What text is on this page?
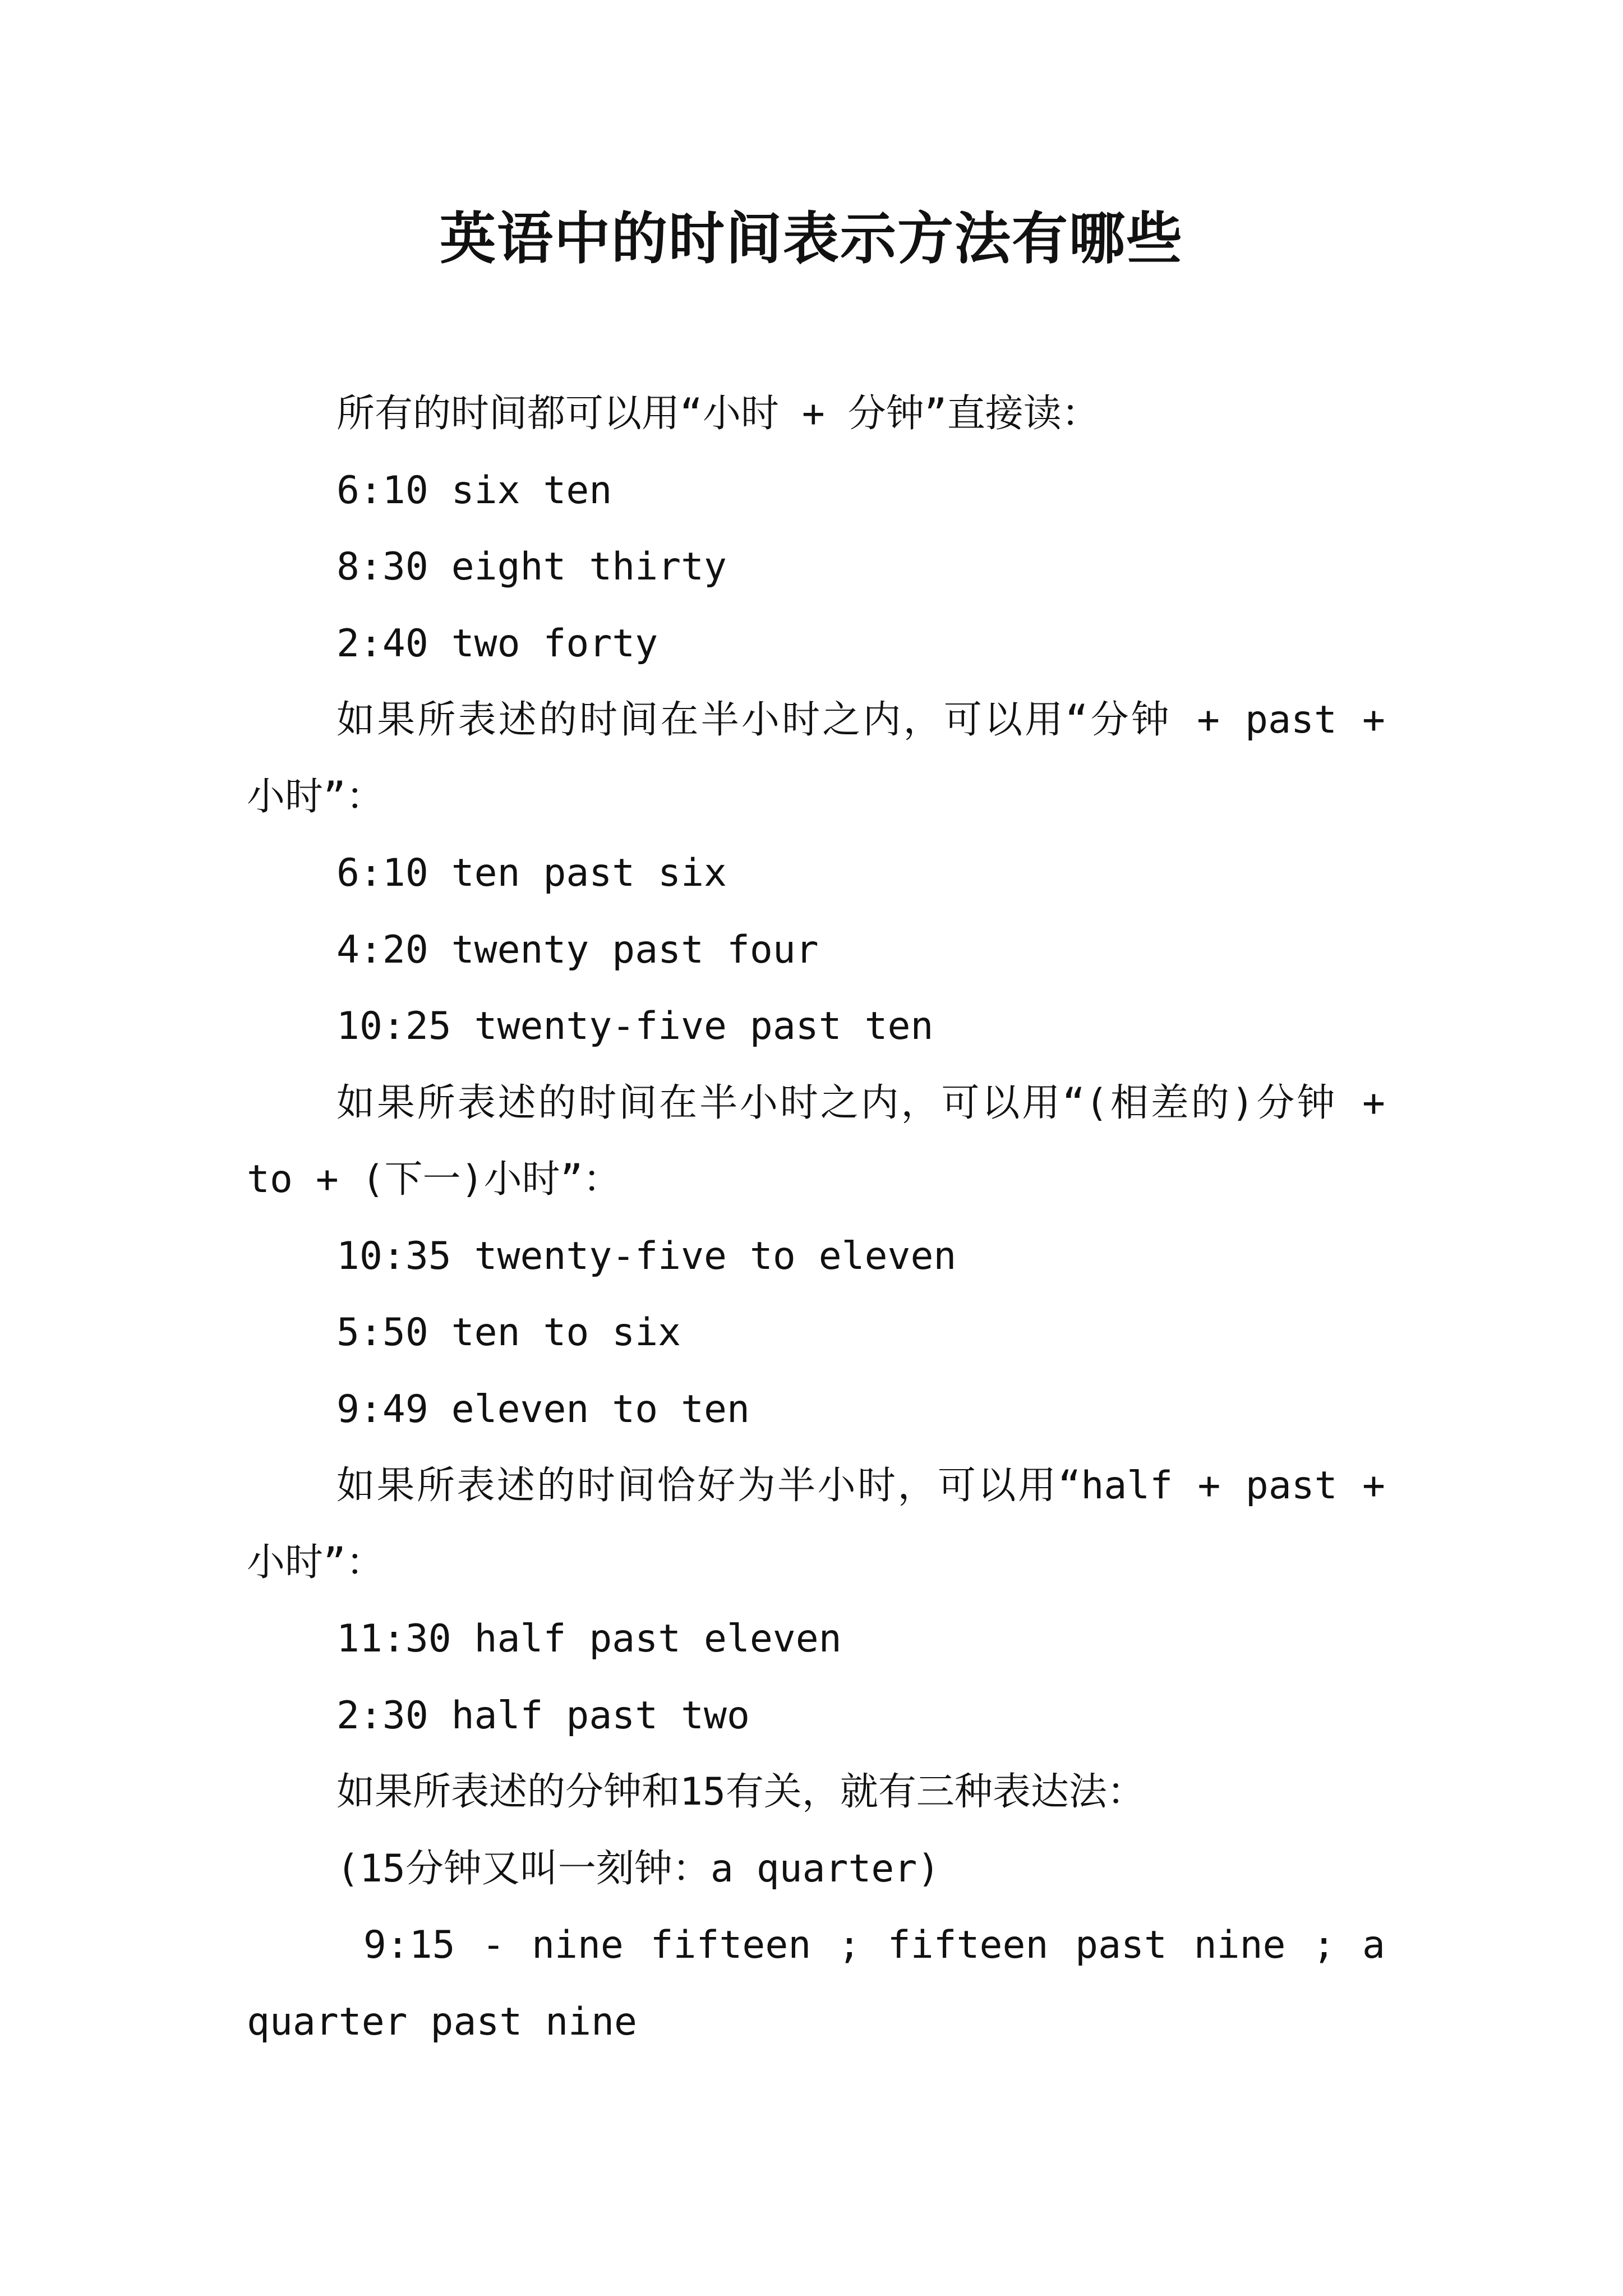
英语中的时间表示方法有哪些

所有的时间都可以用“小时 + 分钟”直接读：

6:10 six ten

8:30 eight thirty

2:40 two forty

如果所表述的时间在半小时之内，可以用“分钟 + past + 小时”：

6:10 ten past six

4:20 twenty past four

10:25 twenty-five past ten

如果所表述的时间在半小时之内，可以用“(相差的)分钟 + to + (下一)小时”：

10:35 twenty-five to eleven

5:50 ten to six

9:49 eleven to ten

如果所表述的时间恰好为半小时，可以用“half + past + 小时”：

11:30 half past eleven

2:30 half past two

如果所表述的分钟和15有关，就有三种表达法：

(15分钟又叫一刻钟：a quarter)

9:15 - nine fifteen ; fifteen past nine ; a quarter past nine
